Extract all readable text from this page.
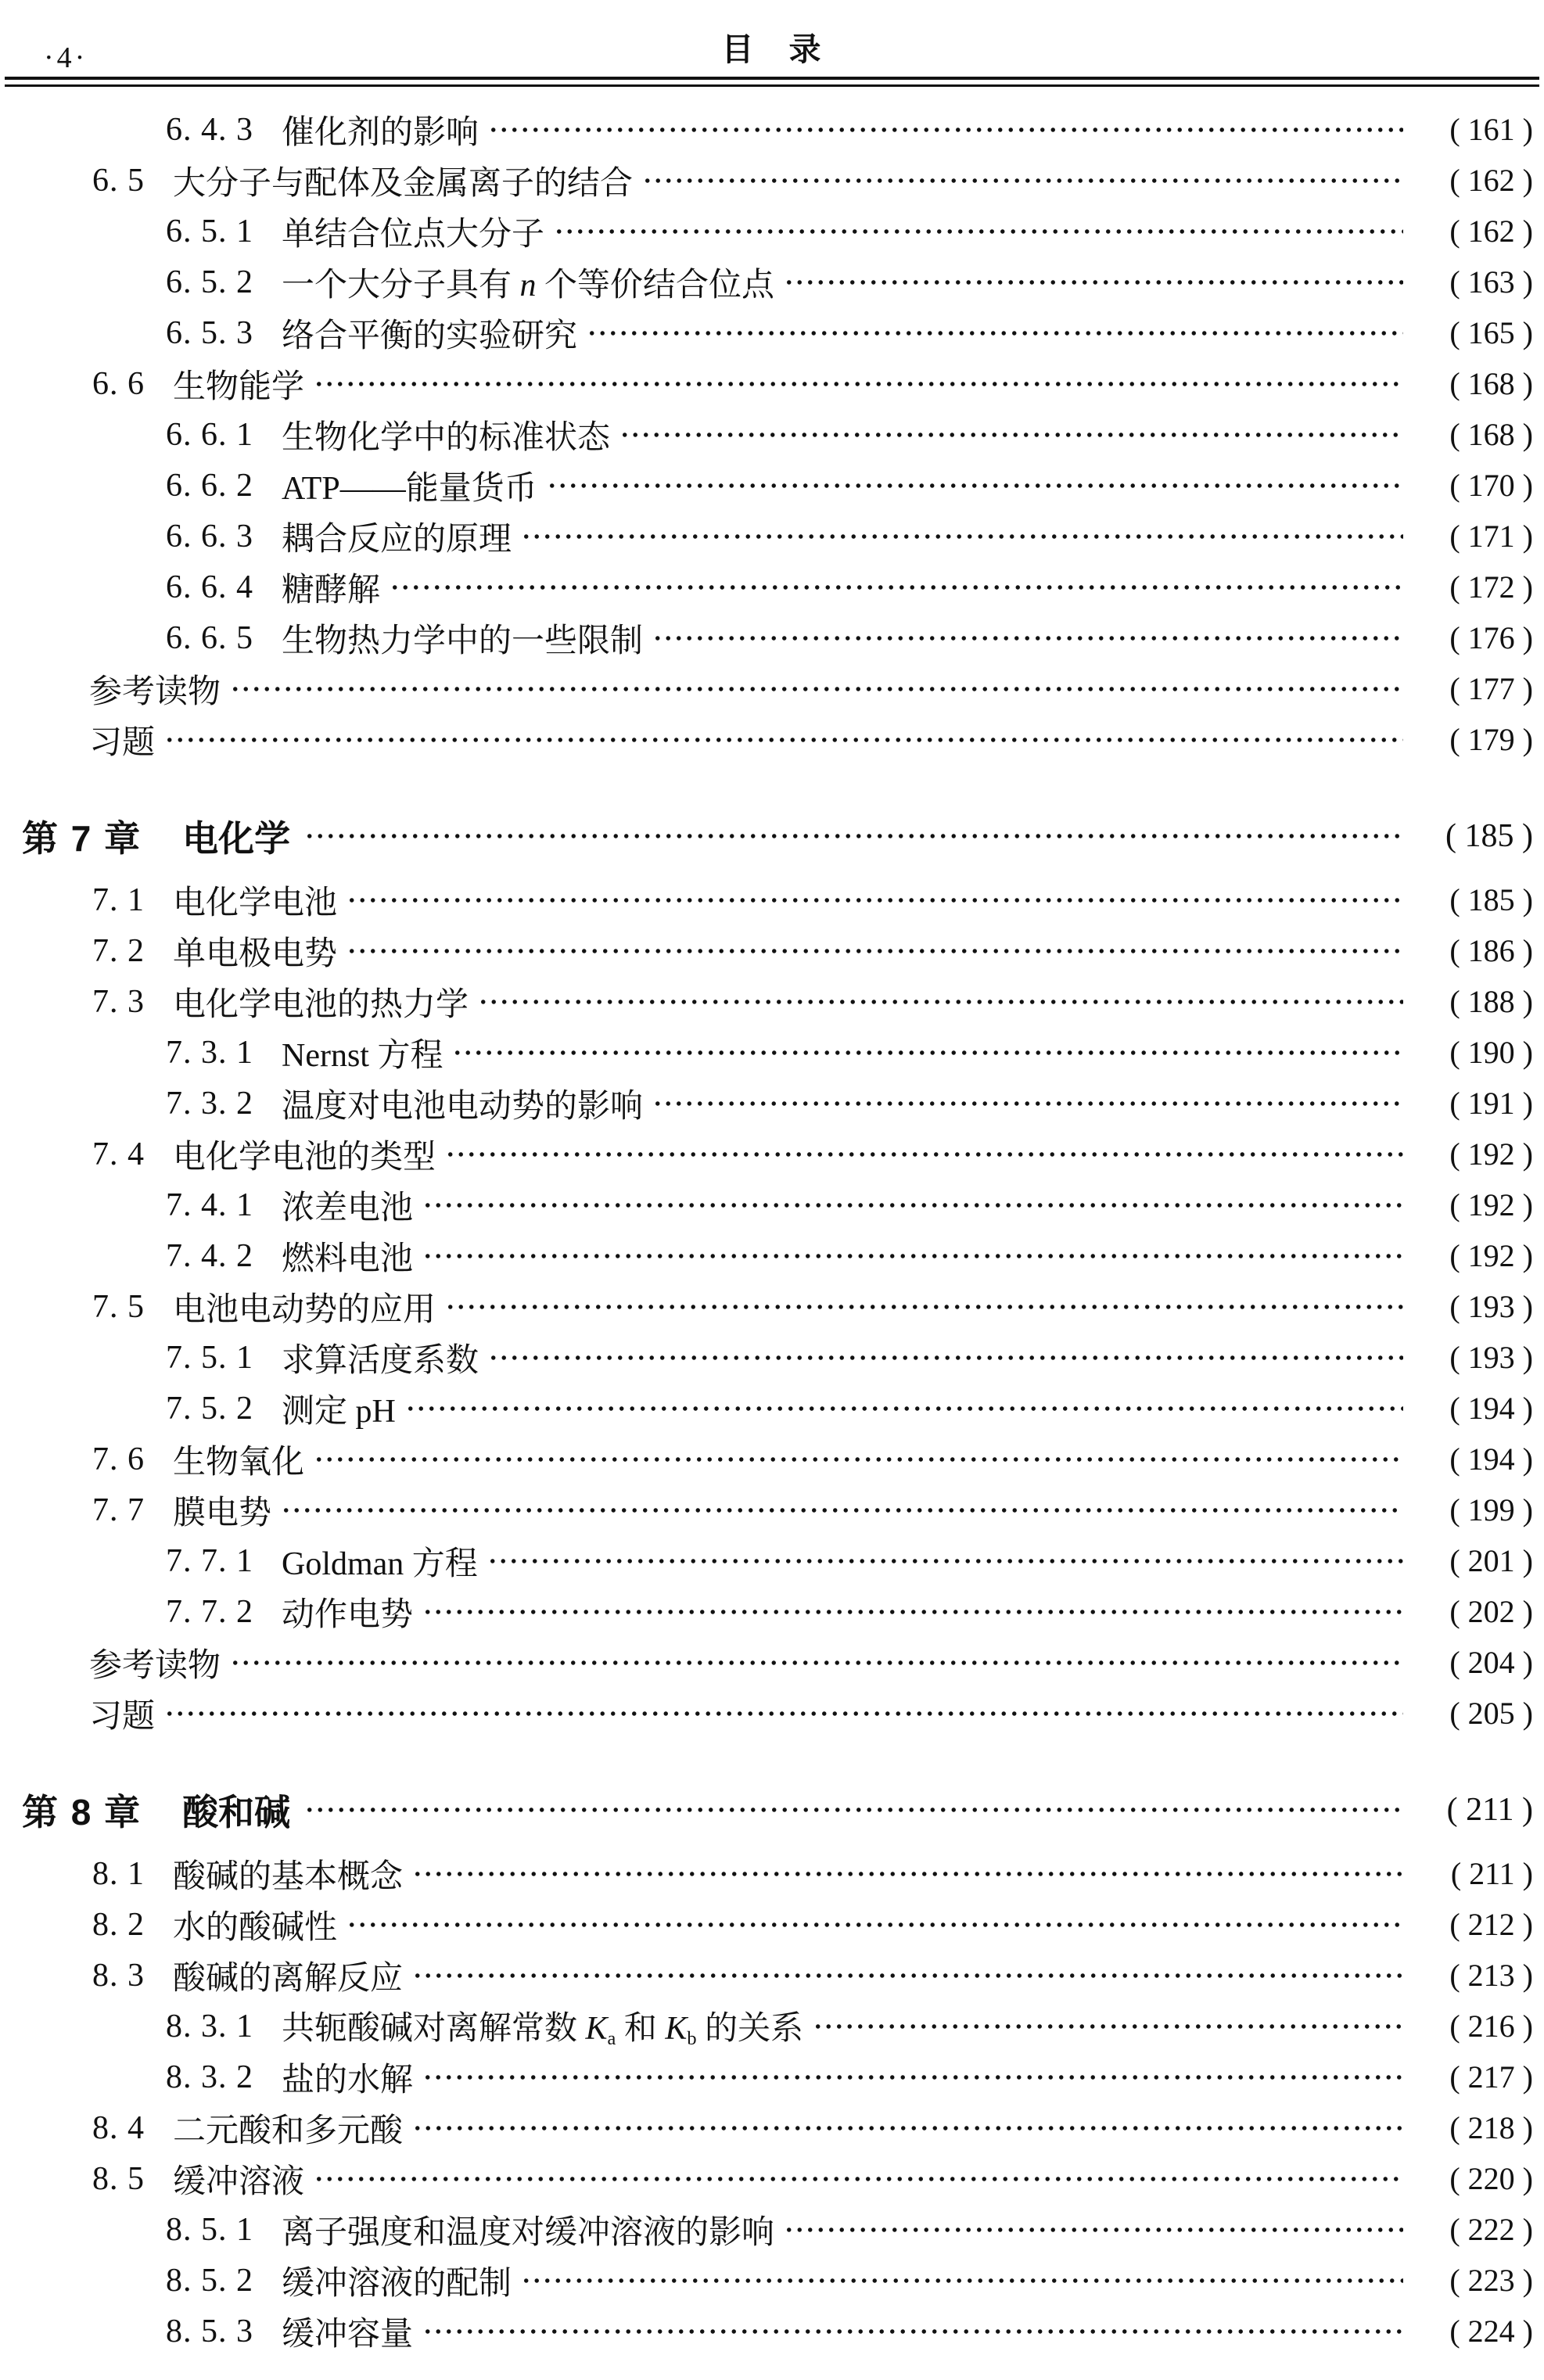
·4·	目　录
6. 4. 3 催化剂的影响	( 161 )
6. 5 大分子与配体及金属离子的结合	( 162 )
6. 5. 1 单结合位点大分子	( 162 )
6. 5. 2 一个大分子具有 n 个等价结合位点	( 163 )
6. 5. 3 络合平衡的实验研究	( 165 )
6. 6 生物能学	( 168 )
6. 6. 1 生物化学中的标准状态	( 168 )
6. 6. 2 ATP——能量货币	( 170 )
6. 6. 3 耦合反应的原理	( 171 )
6. 6. 4 糖酵解	( 172 )
6. 6. 5 生物热力学中的一些限制	( 176 )
参考读物	( 177 )
习题	( 179 )
第 7 章 电化学	( 185 )
7. 1 电化学电池	( 185 )
7. 2 单电极电势	( 186 )
7. 3 电化学电池的热力学	( 188 )
7. 3. 1 Nernst 方程	( 190 )
7. 3. 2 温度对电池电动势的影响	( 191 )
7. 4 电化学电池的类型	( 192 )
7. 4. 1 浓差电池	( 192 )
7. 4. 2 燃料电池	( 192 )
7. 5 电池电动势的应用	( 193 )
7. 5. 1 求算活度系数	( 193 )
7. 5. 2 测定 pH	( 194 )
7. 6 生物氧化	( 194 )
7. 7 膜电势	( 199 )
7. 7. 1 Goldman 方程	( 201 )
7. 7. 2 动作电势	( 202 )
参考读物	( 204 )
习题	( 205 )
第 8 章 酸和碱	( 211 )
8. 1 酸碱的基本概念	( 211 )
8. 2 水的酸碱性	( 212 )
8. 3 酸碱的离解反应	( 213 )
8. 3. 1 共轭酸碱对离解常数 Ka 和 Kb 的关系	( 216 )
8. 3. 2 盐的水解	( 217 )
8. 4 二元酸和多元酸	( 218 )
8. 5 缓冲溶液	( 220 )
8. 5. 1 离子强度和温度对缓冲溶液的影响	( 222 )
8. 5. 2 缓冲溶液的配制	( 223 )
8. 5. 3 缓冲容量	( 224 )
